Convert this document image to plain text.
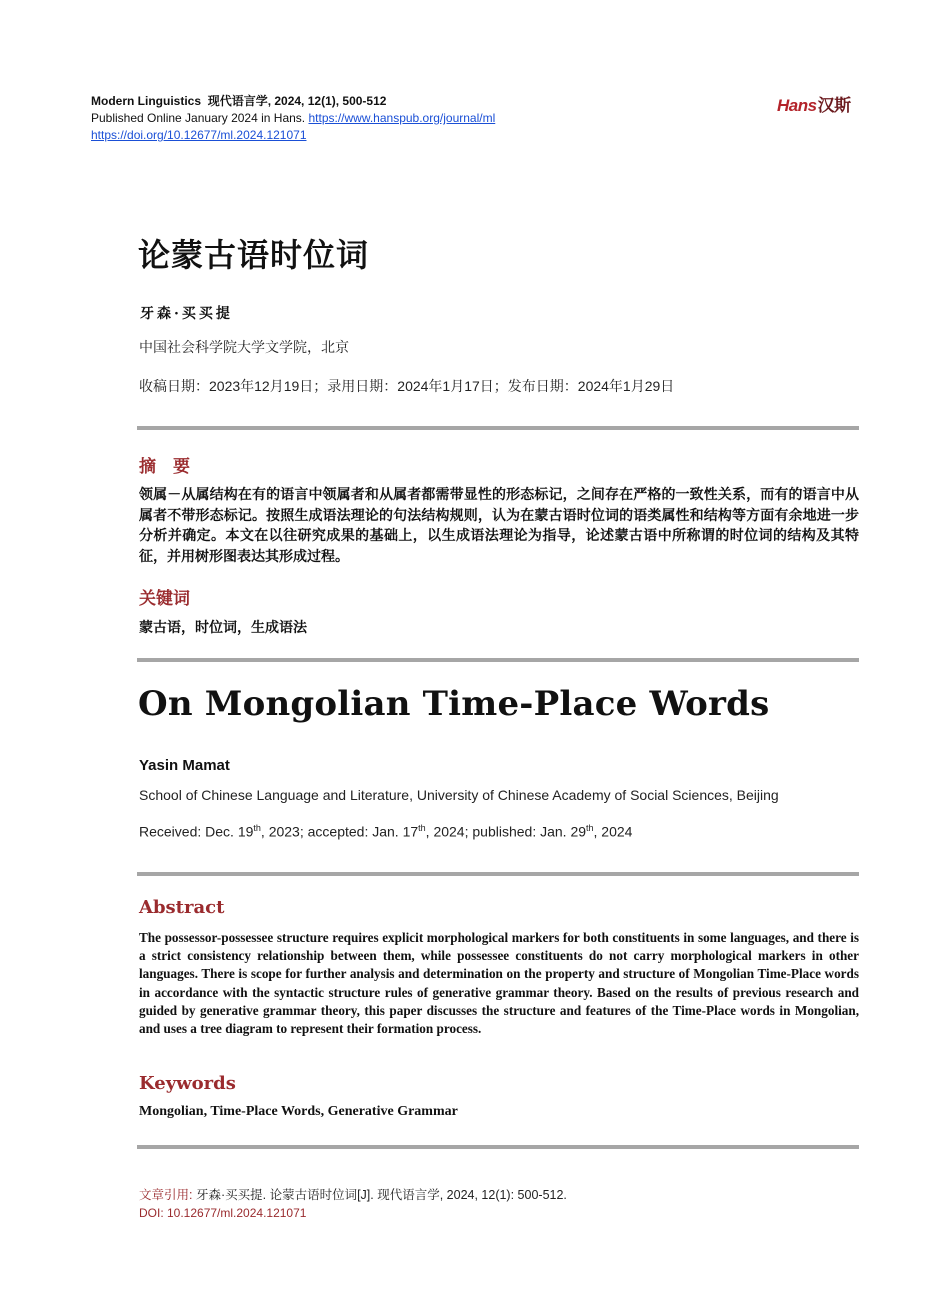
Modern Linguistics 现代语言学, 2024, 12(1), 500-512
Published Online January 2024 in Hans. https://www.hanspub.org/journal/ml
https://doi.org/10.12677/ml.2024.121071
Hans汉斯
论蒙古语时位词
牙森·买买提
中国社会科学院大学文学院，北京
收稿日期：2023年12月19日；录用日期：2024年1月17日；发布日期：2024年1月29日
摘　要
领属－从属结构在有的语言中领属者和从属者都需带显性的形态标记，之间存在严格的一致性关系，而有的语言中从属者不带形态标记。按照生成语法理论的句法结构规则，认为在蒙古语时位词的语类属性和结构等方面有余地进一步分析并确定。本文在以往研究成果的基础上，以生成语法理论为指导，论述蒙古语中所称谓的时位词的结构及其特征，并用树形图表达其形成过程。
关键词
蒙古语，时位词，生成语法
On Mongolian Time-Place Words
Yasin Mamat
School of Chinese Language and Literature, University of Chinese Academy of Social Sciences, Beijing
Received: Dec. 19th, 2023; accepted: Jan. 17th, 2024; published: Jan. 29th, 2024
Abstract
The possessor-possessee structure requires explicit morphological markers for both constituents in some languages, and there is a strict consistency relationship between them, while possessee constituents do not carry morphological markers in other languages. There is scope for further analysis and determination on the property and structure of Mongolian Time-Place words in accordance with the syntactic structure rules of generative grammar theory. Based on the results of previous research and guided by generative grammar theory, this paper discusses the structure and features of the Time-Place words in Mongolian, and uses a tree diagram to represent their formation process.
Keywords
Mongolian, Time-Place Words, Generative Grammar
文章引用: 牙森·买买提. 论蒙古语时位词[J]. 现代语言学, 2024, 12(1): 500-512.
DOI: 10.12677/ml.2024.121071
